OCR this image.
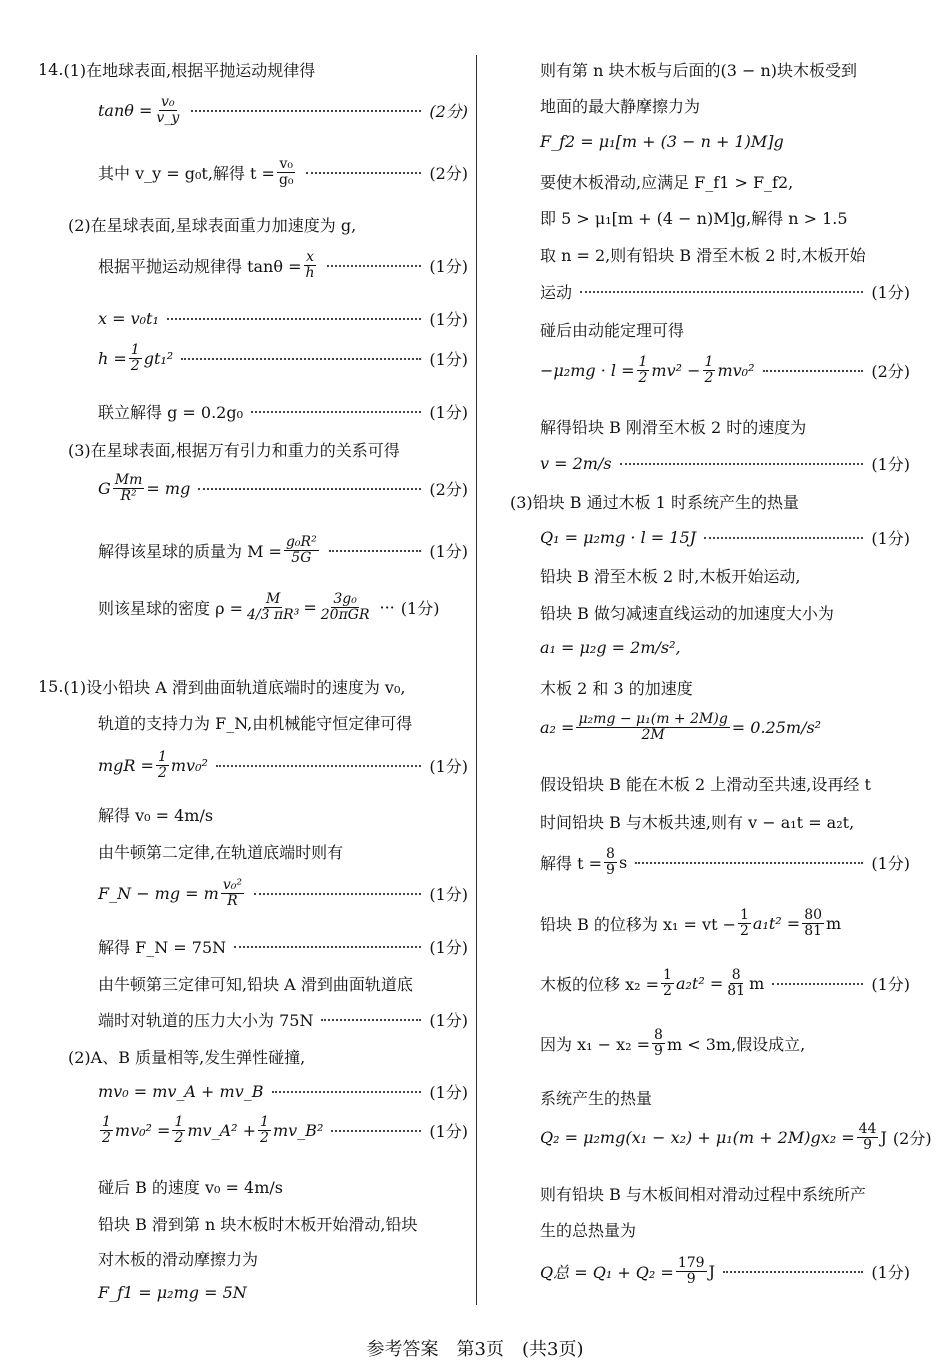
14. (1)在地球表面,根据平抛运动规律得
$\tan\theta = \frac{\text{v₀}}{v\_y}$	(2分)
其中 v_y = g₀t,解得 $t = \frac{\text{v₀}}{\text{g₀}}$	(2分)
(2)在星球表面,星球表面重力加速度为 g,
根据平抛运动规律得 $\tan\theta = \frac{x}{h}$	(1分)
x = v₀t₁	(1分)
$h = \frac{1}{2} gt_1^2$	(1分)
联立解得 g = 0.2g₀	(1分)
(3)在星球表面,根据万有引力和重力的关系可得
G $\frac{Mm}{\text{R²}}$ = mg	(2分)
解得该星球的质量为 $M = \frac{\text{g₀R²}}{5G}$	(1分)
则该星球的密度 $\rho = \frac{M}{\text{4/3 πR³}} = \frac{\text{3g₀}}{\text{20πGR}}$ ··· (1分)
15. (1)设小铅块 A 滑到曲面轨道底端时的速度为 v₀,
轨道的支持力为 F_N,由机械能守恒定律可得
mgR = $\frac{1}{2} mv_0^2$	(1分)
解得 v₀ = 4m/s
由牛顿第二定律,在轨道底端时则有
F_N − mg = m $\frac{\text{v₀²}}{R}$	(1分)
解得 F_N = 75N	(1分)
由牛顿第三定律可知,铅块 A 滑到曲面轨道底
端时对轨道的压力大小为 75N	(1分)
(2)A、B 质量相等,发生弹性碰撞,
mv₀ = mv_A + mv_B	(1分)
$\frac{1}{2} mv_0^2 = \frac{1}{2}$ mv_A² + $\frac{1}{2}$ mv_B²	(1分)
碰后 B 的速度 v₀ = 4m/s
铅块 B 滑到第 n 块木板时木板开始滑动,铅块
对木板的滑动摩擦力为
F_f1 = μ₂mg = 5N
则有第 n 块木板与后面的(3 − n)块木板受到
地面的最大静摩擦力为
F_f2 = μ₁[m + (3 − n + 1)M]g
要使木板滑动,应满足 F_f1 > F_f2,
即 5 > μ₁[m + (4 − n)M]g,解得 n > 1.5
取 n = 2,则有铅块 B 滑至木板 2 时,木板开始
运动	(1分)
碰后由动能定理可得
$-\mu_2mg \cdot l = \frac{1}{2} mv^2 - \frac{1}{2} mv_0^2$	(2分)
解得铅块 B 刚滑至木板 2 时的速度为
v = 2m/s	(1分)
(3)铅块 B 通过木板 1 时系统产生的热量
Q₁ = μ₂mg · l = 15J	(1分)
铅块 B 滑至木板 2 时,木板开始运动,
铅块 B 做匀减速直线运动的加速度大小为
a₁ = μ₂g = 2m/s²,
木板 2 和 3 的加速度
$a_2 = \frac{\text{μ₂mg − μ₁(m + 2M)g}}{2M} = 0.25m/s^2$
假设铅块 B 能在木板 2 上滑动至共速,设再经 t
时间铅块 B 与木板共速,则有 v − a₁t = a₂t,
解得 $t = \frac{8}{9}$ s	(1分)
铅块 B 的位移为 x₁ = vt − $\frac{1}{2} a_1t^2 = \frac{80}{81}$ m
木板的位移 $x_2 = \frac{1}{2} a_2t^2 = \frac{8}{81}$ m	(1分)
因为 $x_1 - x_2 = \frac{8}{9}$ m < 3m,假设成立,
系统产生的热量
$Q_2 = \mu_2mg(x_1 - x_2) + \mu_1(m + 2M)gx_2 = \frac{44}{9}$ J (2分)
则有铅块 B 与木板间相对滑动过程中系统所产
生的总热量为
Q总 = $Q_1 + Q_2 = \frac{179}{9}$ J	(1分)
参考答案　第3页　(共3页)
